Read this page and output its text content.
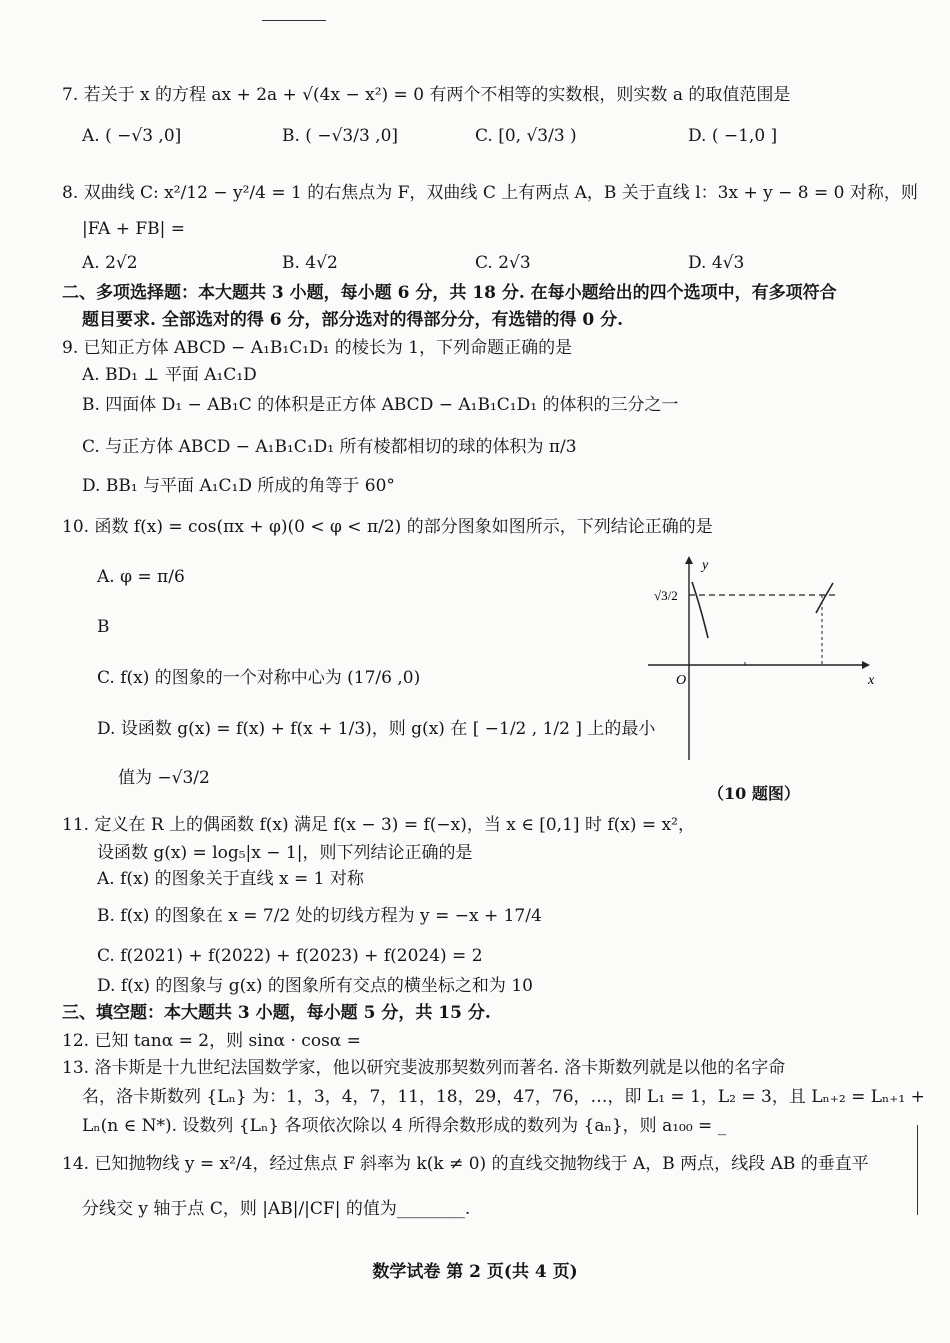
7. 若关于 x 的方程 ax + 2a + √(4x − x²) = 0 有两个不相等的实数根，则实数 a 的取值范围是
A. ( −√3 ,0]	B. ( −√3/3 ,0]	C. [0, √3/3 )	D. ( −1,0 ]
8. 双曲线 C: x²/12 − y²/4 = 1 的右焦点为 F，双曲线 C 上有两点 A，B 关于直线 l：3x + y − 8 = 0 对称，则
|FA + FB| =
A. 2√2	B. 4√2	C. 2√3	D. 4√3
二、多项选择题：本大题共 3 小题，每小题 6 分，共 18 分. 在每小题给出的四个选项中，有多项符合
题目要求. 全部选对的得 6 分，部分选对的得部分分，有选错的得 0 分.
9. 已知正方体 ABCD − A₁B₁C₁D₁ 的棱长为 1，下列命题正确的是
A. BD₁ ⊥ 平面 A₁C₁D
B. 四面体 D₁ − AB₁C 的体积是正方体 ABCD − A₁B₁C₁D₁ 的体积的三分之一
C. 与正方体 ABCD − A₁B₁C₁D₁ 所有棱都相切的球的体积为 π/3
D. BB₁ 与平面 A₁C₁D 所成的角等于 60°
10. 函数 f(x) = cos(πx + φ)(0 < φ < π/2) 的部分图象如图所示，下列结论正确的是
A. φ = π/6
B
C. f(x) 的图象的一个对称中心为 (17/6 ,0)
D. 设函数 g(x) = f(x) + f(x + 1/3)，则 g(x) 在 [ −1/2 , 1/2 ] 上的最小
值为 −√3/2
y
x
O
√3/2
（10 题图）
11. 定义在 R 上的偶函数 f(x) 满足 f(x − 3) = f(−x)，当 x ∈ [0,1] 时 f(x) = x²，
设函数 g(x) = log₅|x − 1|，则下列结论正确的是
A. f(x) 的图象关于直线 x = 1 对称
B. f(x) 的图象在 x = 7/2 处的切线方程为 y = −x + 17/4
C. f(2021) + f(2022) + f(2023) + f(2024) = 2
D. f(x) 的图象与 g(x) 的图象所有交点的横坐标之和为 10
三、填空题：本大题共 3 小题，每小题 5 分，共 15 分.
12. 已知 tanα = 2，则 sinα · cosα =
13. 洛卡斯是十九世纪法国数学家，他以研究斐波那契数列而著名. 洛卡斯数列就是以他的名字命
名，洛卡斯数列 {Lₙ} 为：1，3，4，7，11，18，29，47，76，…，即 L₁ = 1，L₂ = 3，且 Lₙ₊₂ = Lₙ₊₁ +
Lₙ(n ∈ N*). 设数列 {Lₙ} 各项依次除以 4 所得余数形成的数列为 {aₙ}，则 a₁₀₀ = _
14. 已知抛物线 y = x²/4，经过焦点 F 斜率为 k(k ≠ 0) 的直线交抛物线于 A，B 两点，线段 AB 的垂直平
分线交 y 轴于点 C，则 |AB|/|CF| 的值为________.
数学试卷 第 2 页(共 4 页)
